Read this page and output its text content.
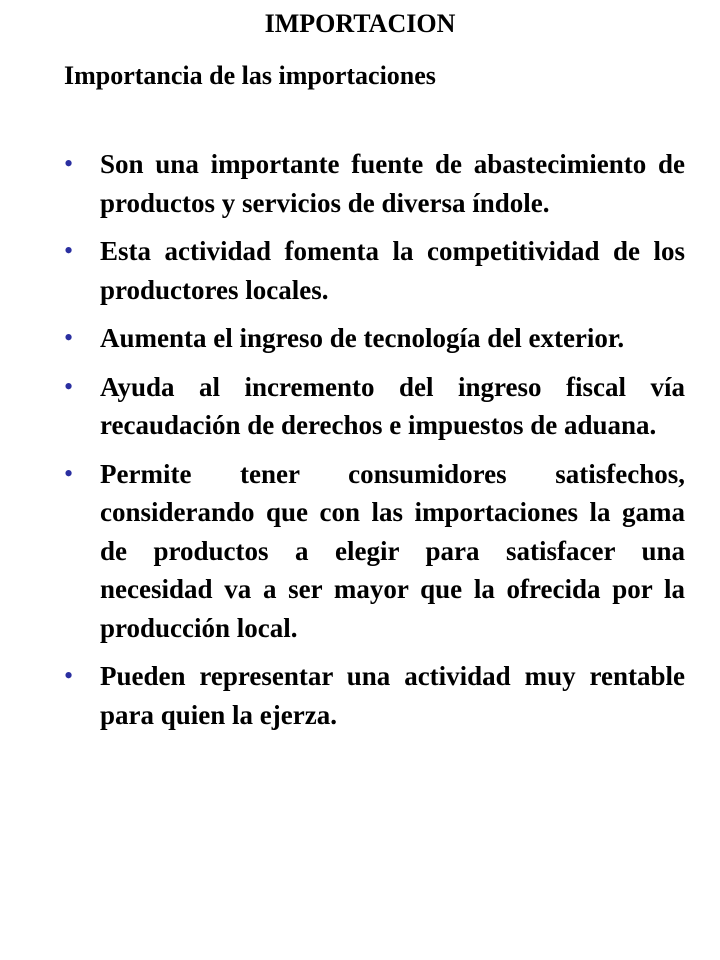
IMPORTACION
Importancia de las importaciones
• Son una importante fuente de abastecimiento de productos y servicios de diversa índole.
• Esta actividad fomenta la competitividad de los productores locales.
• Aumenta el ingreso de tecnología del exterior.
• Ayuda al incremento del ingreso fiscal vía recaudación de derechos e impuestos de aduana.
• Permite tener consumidores satisfechos, considerando que con las importaciones la gama de productos a elegir para satisfacer una necesidad va a ser mayor que la ofrecida por la producción local.
• Pueden representar una actividad muy rentable para quien la ejerza.
